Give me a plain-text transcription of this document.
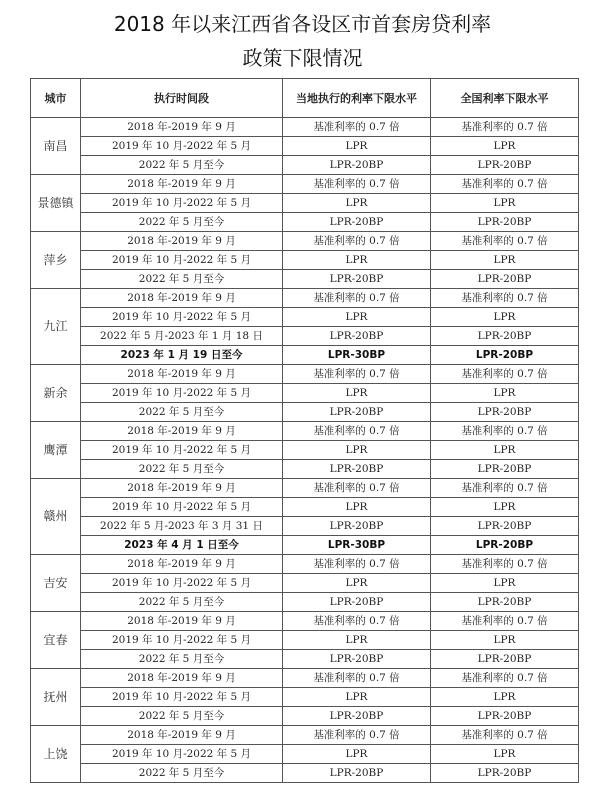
2018 年以来江西省各设区市首套房贷利率
政策下限情况
城市	执行时间段	当地执行的利率下限水平	全国利率下限水平
南昌	2018 年-2019 年 9 月	基准利率的 0.7 倍	基准利率的 0.7 倍
	2019 年 10 月-2022 年 5 月	LPR	LPR
	2022 年 5 月至今	LPR-20BP	LPR-20BP
景德镇	2018 年-2019 年 9 月	基准利率的 0.7 倍	基准利率的 0.7 倍
	2019 年 10 月-2022 年 5 月	LPR	LPR
	2022 年 5 月至今	LPR-20BP	LPR-20BP
萍乡	2018 年-2019 年 9 月	基准利率的 0.7 倍	基准利率的 0.7 倍
	2019 年 10 月-2022 年 5 月	LPR	LPR
	2022 年 5 月至今	LPR-20BP	LPR-20BP
九江	2018 年-2019 年 9 月	基准利率的 0.7 倍	基准利率的 0.7 倍
	2019 年 10 月-2022 年 5 月	LPR	LPR
	2022 年 5 月-2023 年 1 月 18 日	LPR-20BP	LPR-20BP
	2023 年 1 月 19 日至今	LPR-30BP	LPR-20BP
新余	2018 年-2019 年 9 月	基准利率的 0.7 倍	基准利率的 0.7 倍
	2019 年 10 月-2022 年 5 月	LPR	LPR
	2022 年 5 月至今	LPR-20BP	LPR-20BP
鹰潭	2018 年-2019 年 9 月	基准利率的 0.7 倍	基准利率的 0.7 倍
	2019 年 10 月-2022 年 5 月	LPR	LPR
	2022 年 5 月至今	LPR-20BP	LPR-20BP
赣州	2018 年-2019 年 9 月	基准利率的 0.7 倍	基准利率的 0.7 倍
	2019 年 10 月-2022 年 5 月	LPR	LPR
	2022 年 5 月-2023 年 3 月 31 日	LPR-20BP	LPR-20BP
	2023 年 4 月 1 日至今	LPR-30BP	LPR-20BP
吉安	2018 年-2019 年 9 月	基准利率的 0.7 倍	基准利率的 0.7 倍
	2019 年 10 月-2022 年 5 月	LPR	LPR
	2022 年 5 月至今	LPR-20BP	LPR-20BP
宜春	2018 年-2019 年 9 月	基准利率的 0.7 倍	基准利率的 0.7 倍
	2019 年 10 月-2022 年 5 月	LPR	LPR
	2022 年 5 月至今	LPR-20BP	LPR-20BP
抚州	2018 年-2019 年 9 月	基准利率的 0.7 倍	基准利率的 0.7 倍
	2019 年 10 月-2022 年 5 月	LPR	LPR
	2022 年 5 月至今	LPR-20BP	LPR-20BP
上饶	2018 年-2019 年 9 月	基准利率的 0.7 倍	基准利率的 0.7 倍
	2019 年 10 月-2022 年 5 月	LPR	LPR
	2022 年 5 月至今	LPR-20BP	LPR-20BP
